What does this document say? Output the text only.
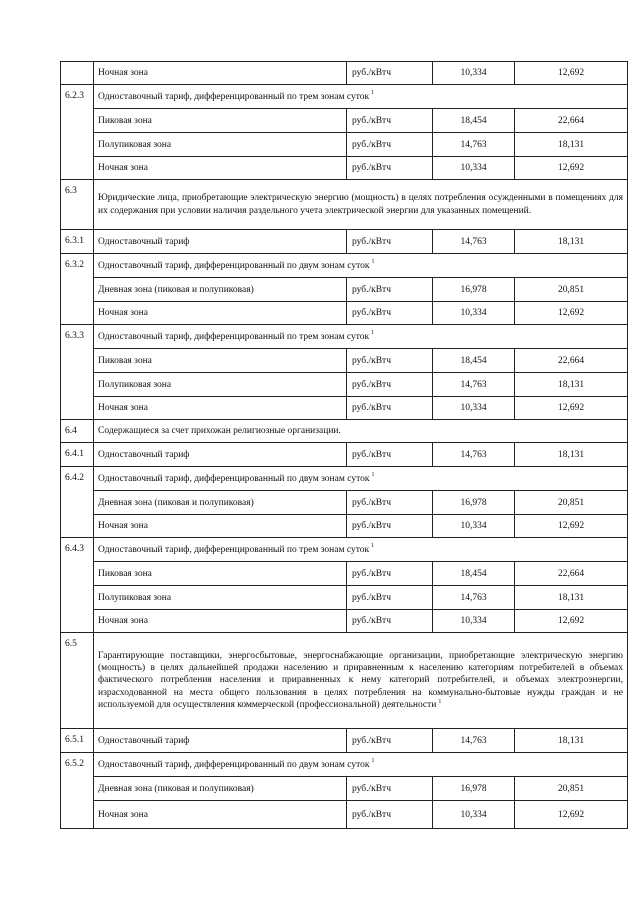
	Ночная зона	руб./кВтч	10,334	12,692
6.2.3	Одноставочный тариф, дифференцированный по трем зонам суток $^1$
	Пиковая зона	руб./кВтч	18,454	22,664
	Полупиковая зона	руб./кВтч	14,763	18,131
	Ночная зона	руб./кВтч	10,334	12,692
6.3	Юридические лица, приобретающие электрическую энергию (мощность) в целях потребления осужденными в помещениях для их содержания при условии наличия раздельного учета электрической энергии для указанных помещений.			
6.3.1	Одноставочный тариф	руб./кВтч	14,763	18,131
6.3.2	Одноставочный тариф, дифференцированный по двум зонам суток $^1$
	Дневная зона (пиковая и полупиковая)	руб./кВтч	16,978	20,851
	Ночная зона	руб./кВтч	10,334	12,692
6.3.3	Одноставочный тариф, дифференцированный по трем зонам суток $^1$
	Пиковая зона	руб./кВтч	18,454	22,664
	Полупиковая зона	руб./кВтч	14,763	18,131
	Ночная зона	руб./кВтч	10,334	12,692
6.4	Содержащиеся за счет прихожан религиозные организации.			
6.4.1	Одноставочный тариф	руб./кВтч	14,763	18,131
6.4.2	Одноставочный тариф, дифференцированный по двум зонам суток $^1$
	Дневная зона (пиковая и полупиковая)	руб./кВтч	16,978	20,851
	Ночная зона	руб./кВтч	10,334	12,692
6.4.3	Одноставочный тариф, дифференцированный по трем зонам суток $^1$
	Пиковая зона	руб./кВтч	18,454	22,664
	Полупиковая зона	руб./кВтч	14,763	18,131
	Ночная зона	руб./кВтч	10,334	12,692
6.5	Гарантирующие поставщики, энергосбытовые, энергоснабжающие организации, приобретающие электрическую энергию (мощность) в целях дальнейшей продажи населению и приравненным к населению категориям потребителей в объемах фактического потребления населения и приравненных к нему категорий потребителей, и объемах электроэнергии, израсходованной на места общего пользования в целях потребления на коммунально-бытовые нужды граждан и не используемой для осуществления коммерческой (профессиональной) деятельности $^1$
6.5.1	Одноставочный тариф	руб./кВтч	14,763	18,131
6.5.2	Одноставочный тариф, дифференцированный по двум зонам суток $^1$
	Дневная зона (пиковая и полупиковая)	руб./кВтч	16,978	20,851
	Ночная зона	руб./кВтч	10,334	12,692
